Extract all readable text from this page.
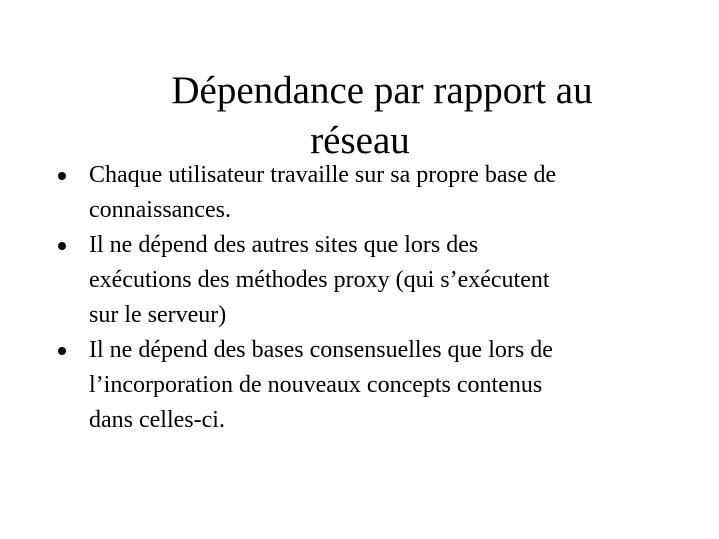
Dépendance par rapport au
réseau
Chaque utilisateur travaille sur sa propre base de
connaissances.
Il ne dépend des autres sites que lors des
exécutions des méthodes proxy (qui s’exécutent
sur le serveur)
Il ne dépend des bases consensuelles que lors de
l’incorporation de nouveaux concepts contenus
dans celles-ci.
